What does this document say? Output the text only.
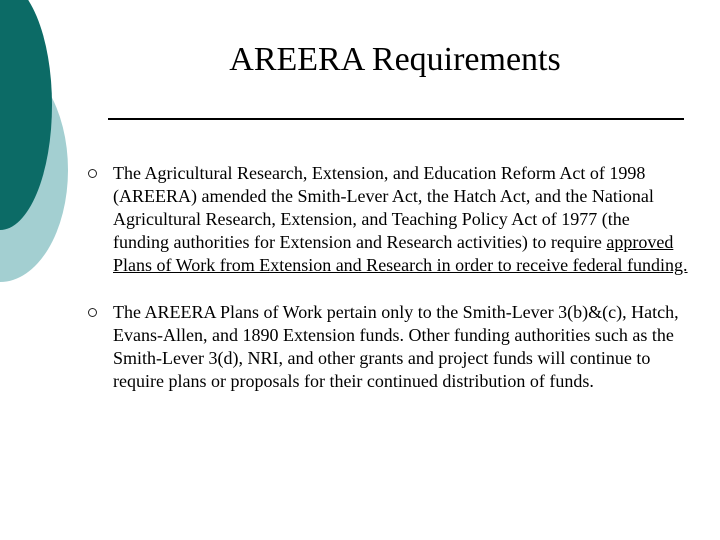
AREERA Requirements
The Agricultural Research, Extension, and Education Reform Act of 1998 (AREERA) amended the Smith-Lever Act, the Hatch Act, and the National Agricultural Research, Extension, and Teaching Policy Act of 1977 (the funding authorities for Extension and Research activities) to require approved Plans of Work from Extension and Research in order to receive federal funding.
The AREERA Plans of Work pertain only to the Smith-Lever 3(b)&(c), Hatch, Evans-Allen, and 1890 Extension funds. Other funding authorities such as the Smith-Lever 3(d), NRI, and other grants and project funds will continue to require plans or proposals for their continued distribution of funds.
